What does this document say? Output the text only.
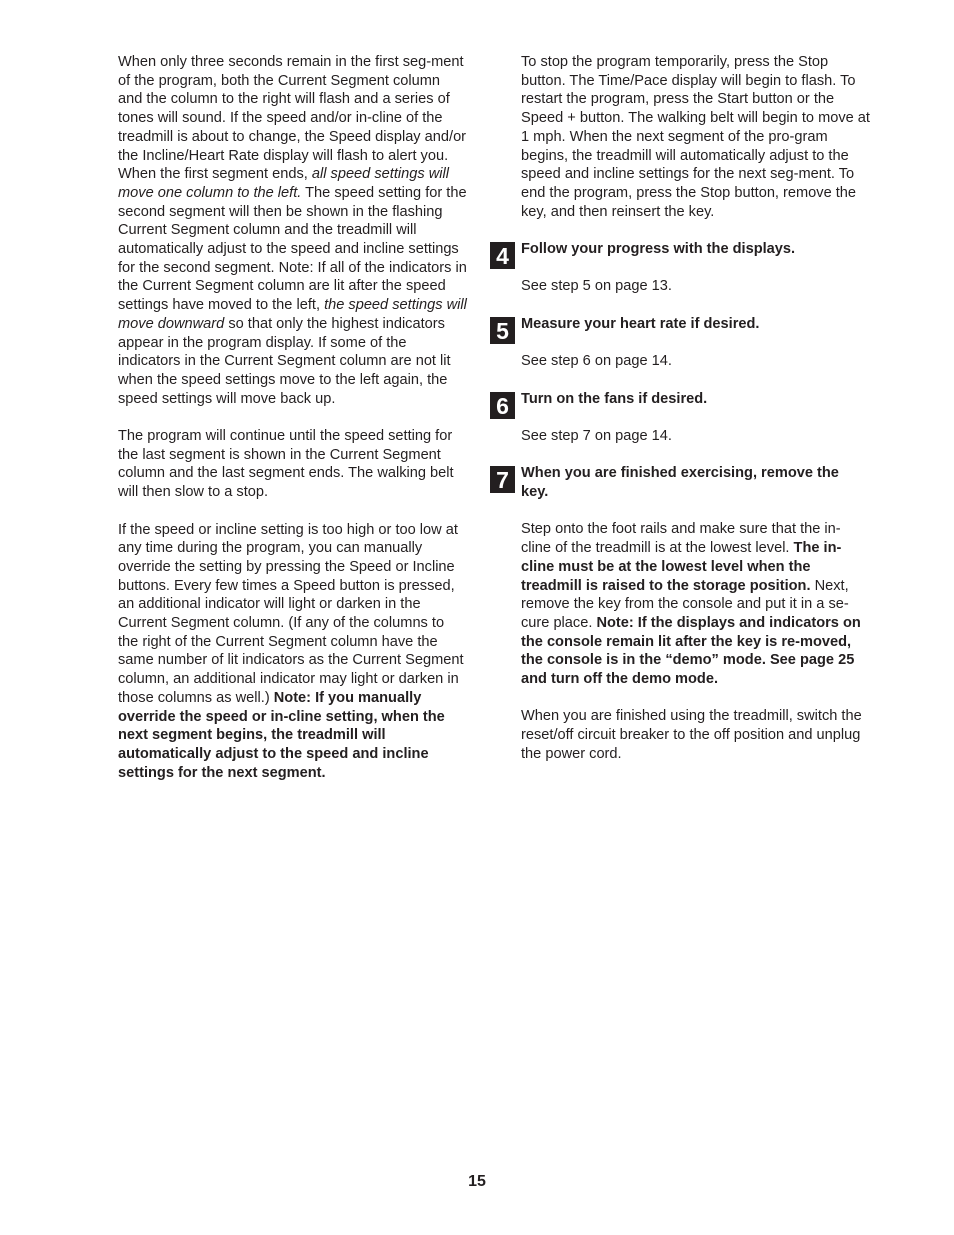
When only three seconds remain in the first seg-ment of the program, both the Current Segment column and the column to the right will flash and a series of tones will sound. If the speed and/or in-cline of the treadmill is about to change, the Speed display and/or the Incline/Heart Rate display will flash to alert you. When the first segment ends, all speed settings will move one column to the left. The speed setting for the second segment will then be shown in the flashing Current Segment column and the treadmill will automatically adjust to the speed and incline settings for the second segment. Note: If all of the indicators in the Current Segment column are lit after the speed settings have moved to the left, the speed settings will move downward so that only the highest indicators appear in the program display. If some of the indicators in the Current Segment column are not lit when the speed settings move to the left again, the speed settings will move back up.

The program will continue until the speed setting for the last segment is shown in the Current Segment column and the last segment ends. The walking belt will then slow to a stop.

If the speed or incline setting is too high or too low at any time during the program, you can manually override the setting by pressing the Speed or Incline buttons. Every few times a Speed button is pressed, an additional indicator will light or darken in the Current Segment column. (If any of the columns to the right of the Current Segment column have the same number of lit indicators as the Current Segment column, an additional indicator may light or darken in those columns as well.) Note: If you manually override the speed or in-cline setting, when the next segment begins, the treadmill will automatically adjust to the speed and incline settings for the next segment.

To stop the program temporarily, press the Stop button. The Time/Pace display will begin to flash. To restart the program, press the Start button or the Speed + button. The walking belt will begin to move at 1 mph. When the next segment of the pro-gram begins, the treadmill will automatically adjust to the speed and incline settings for the next seg-ment. To end the program, press the Stop button, remove the key, and then reinsert the key.

4 Follow your progress with the displays.

See step 5 on page 13.

5 Measure your heart rate if desired.

See step 6 on page 14.

6 Turn on the fans if desired.

See step 7 on page 14.

7 When you are finished exercising, remove the key.

Step onto the foot rails and make sure that the in-cline of the treadmill is at the lowest level. The in-cline must be at the lowest level when the treadmill is raised to the storage position. Next, remove the key from the console and put it in a se-cure place. Note: If the displays and indicators on the console remain lit after the key is re-moved, the console is in the “demo” mode. See page 25 and turn off the demo mode.

When you are finished using the treadmill, switch the reset/off circuit breaker to the off position and unplug the power cord.

15
